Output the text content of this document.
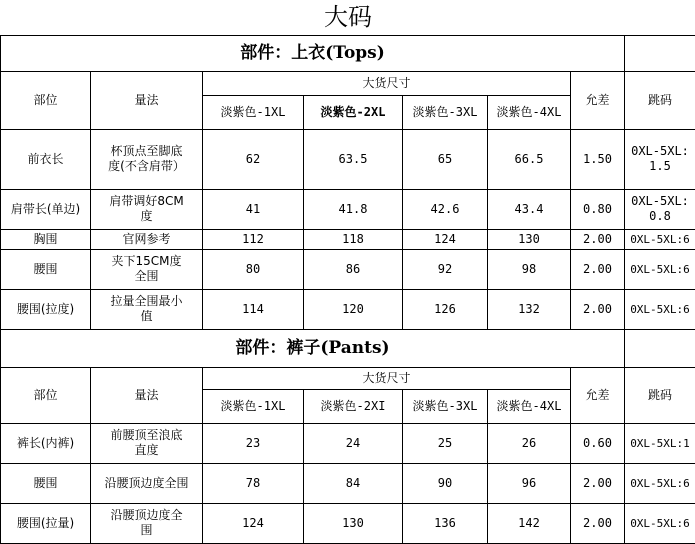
大码							
部件：上衣(Tops)							
部位	量法	大货尺寸				允差	跳码
		淡紫色-1XL	淡紫色-2XL	淡紫色-3XL	淡紫色-4XL		
前衣长	杯顶点至脚底度(不含肩带）	62	63.5	65	66.5	1.50	0XL-5XL:1.5
肩带长(单边)	肩带调好8CM度	41	41.8	42.6	43.4	0.80	0XL-5XL:0.8
胸围	官网参考	112	118	124	130	2.00	0XL-5XL:6
腰围	夹下15CM度全围	80	86	92	98	2.00	0XL-5XL:6
腰围(拉度)	拉量全围最小值	114	120	126	132	2.00	0XL-5XL:6
部件：裤子(Pants)							
部位	量法	大货尺寸				允差	跳码
		淡紫色-1XL	淡紫色-2XI	淡紫色-3XL	淡紫色-4XL		
裤长(内裤)	前腰顶至浪底直度	23	24	25	26	0.60	0XL-5XL:1
腰围	沿腰顶边度全围	78	84	90	96	2.00	0XL-5XL:6
腰围(拉量)	沿腰顶边度全围	124	130	136	142	2.00	0XL-5XL:6
